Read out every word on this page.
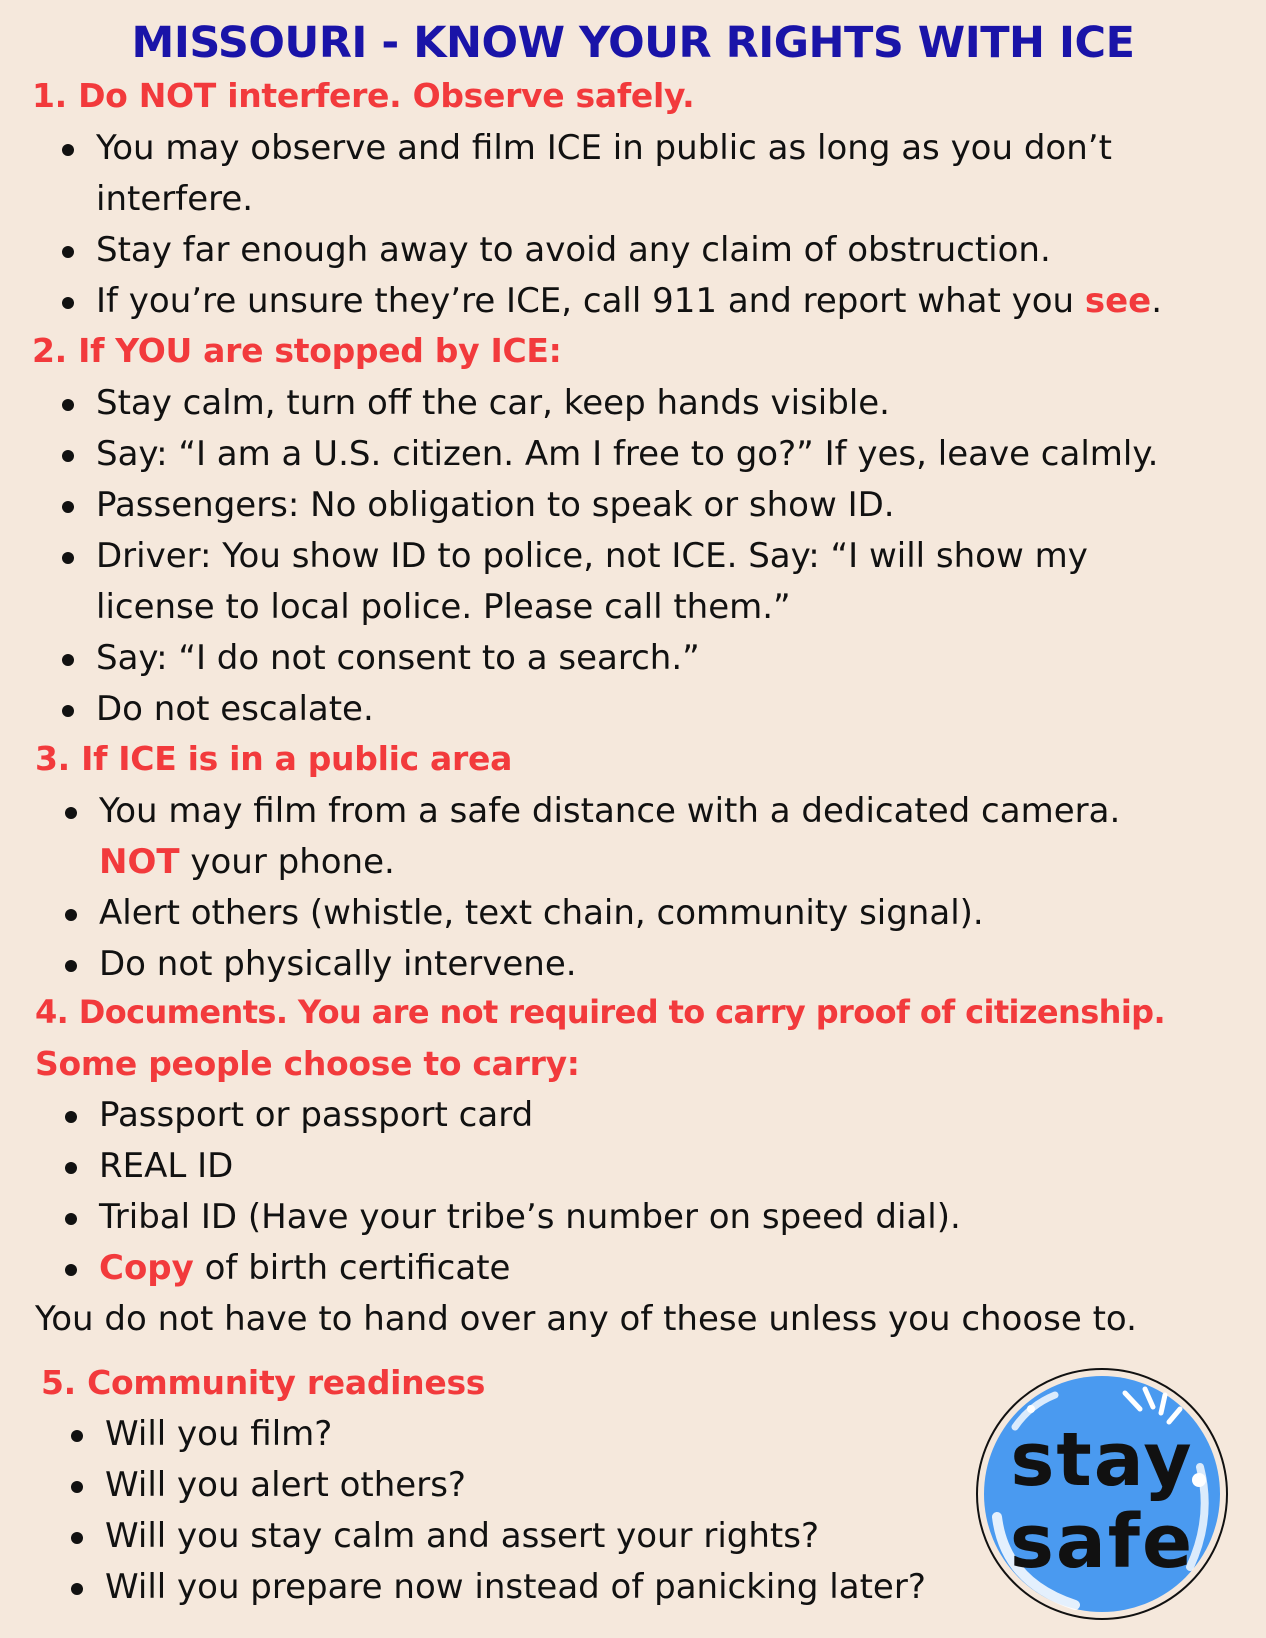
MISSOURI - KNOW YOUR RIGHTS WITH ICE
1. Do NOT interfere. Observe safely.
You may observe and film ICE in public as long as you don’t
interfere.
Stay far enough away to avoid any claim of obstruction.
If you’re unsure they’re ICE, call 911 and report what you see.
2. If YOU are stopped by ICE:
Stay calm, turn off the car, keep hands visible.
Say: “I am a U.S. citizen. Am I free to go?” If yes, leave calmly.
Passengers: No obligation to speak or show ID.
Driver: You show ID to police, not ICE. Say: “I will show my
license to local police. Please call them.”
Say: “I do not consent to a search.”
Do not escalate.
3. If ICE is in a public area
You may film from a safe distance with a dedicated camera.
NOT your phone.
Alert others (whistle, text chain, community signal).
Do not physically intervene.
4. Documents. You are not required to carry proof of citizenship.
Some people choose to carry:
Passport or passport card
REAL ID
Tribal ID (Have your tribe’s number on speed dial).
Copy of birth certificate

You do not have to hand over any of these unless you choose to.

5. Community readiness
Will you film?
Will you alert others?
Will you stay calm and assert your rights?
Will you prepare now instead of panicking later?
stay
safe
